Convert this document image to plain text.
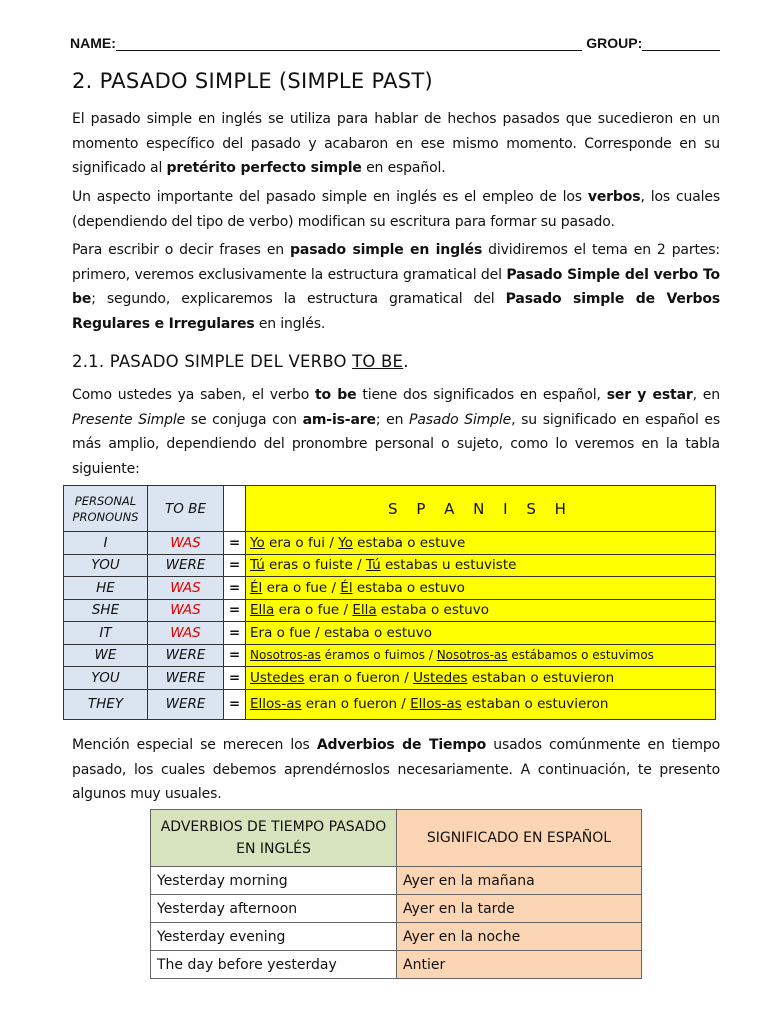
NAME:	GROUP:
2. PASADO SIMPLE (SIMPLE PAST)
El pasado simple en inglés se utiliza para hablar de hechos pasados que sucedieron en un momento específico del pasado y acabaron en ese mismo momento. Corresponde en su significado al pretérito perfecto simple en español.
Un aspecto importante del pasado simple en inglés es el empleo de los verbos, los cuales (dependiendo del tipo de verbo) modifican su escritura para formar su pasado.
Para escribir o decir frases en pasado simple en inglés dividiremos el tema en 2 partes: primero, veremos exclusivamente la estructura gramatical del Pasado Simple del verbo To be; segundo, explicaremos la estructura gramatical del Pasado simple de Verbos Regulares e Irregulares en inglés.
2.1. PASADO SIMPLE DEL VERBO TO BE.
Como ustedes ya saben, el verbo to be tiene dos significados en español, ser y estar, en Presente Simple se conjuga con am-is-are; en Pasado Simple, su significado en español es más amplio, dependiendo del pronombre personal o sujeto, como lo veremos en la tabla siguiente:
PERSONAL PRONOUNS	TO BE		S P A N I S H
I	WAS	=	Yo era o fui / Yo estaba o estuve
YOU	WERE	=	Tú eras o fuiste / Tú estabas u estuviste
HE	WAS	=	Él era o fue / Él estaba o estuvo
SHE	WAS	=	Ella era o fue / Ella estaba o estuvo
IT	WAS	=	Era o fue / estaba o estuvo
WE	WERE	=	Nosotros-as éramos o fuimos / Nosotros-as estábamos o estuvimos
YOU	WERE	=	Ustedes eran o fueron / Ustedes estaban o estuvieron
THEY	WERE	=	Ellos-as eran o fueron / Ellos-as estaban o estuvieron
Mención especial se merecen los Adverbios de Tiempo usados comúnmente en tiempo pasado, los cuales debemos aprendérnoslos necesariamente. A continuación, te presento algunos muy usuales.
ADVERBIOS DE TIEMPO PASADO EN INGLÉS	SIGNIFICADO EN ESPAÑOL
Yesterday morning	Ayer en la mañana
Yesterday afternoon	Ayer en la tarde
Yesterday evening	Ayer en la noche
The day before yesterday	Antier
